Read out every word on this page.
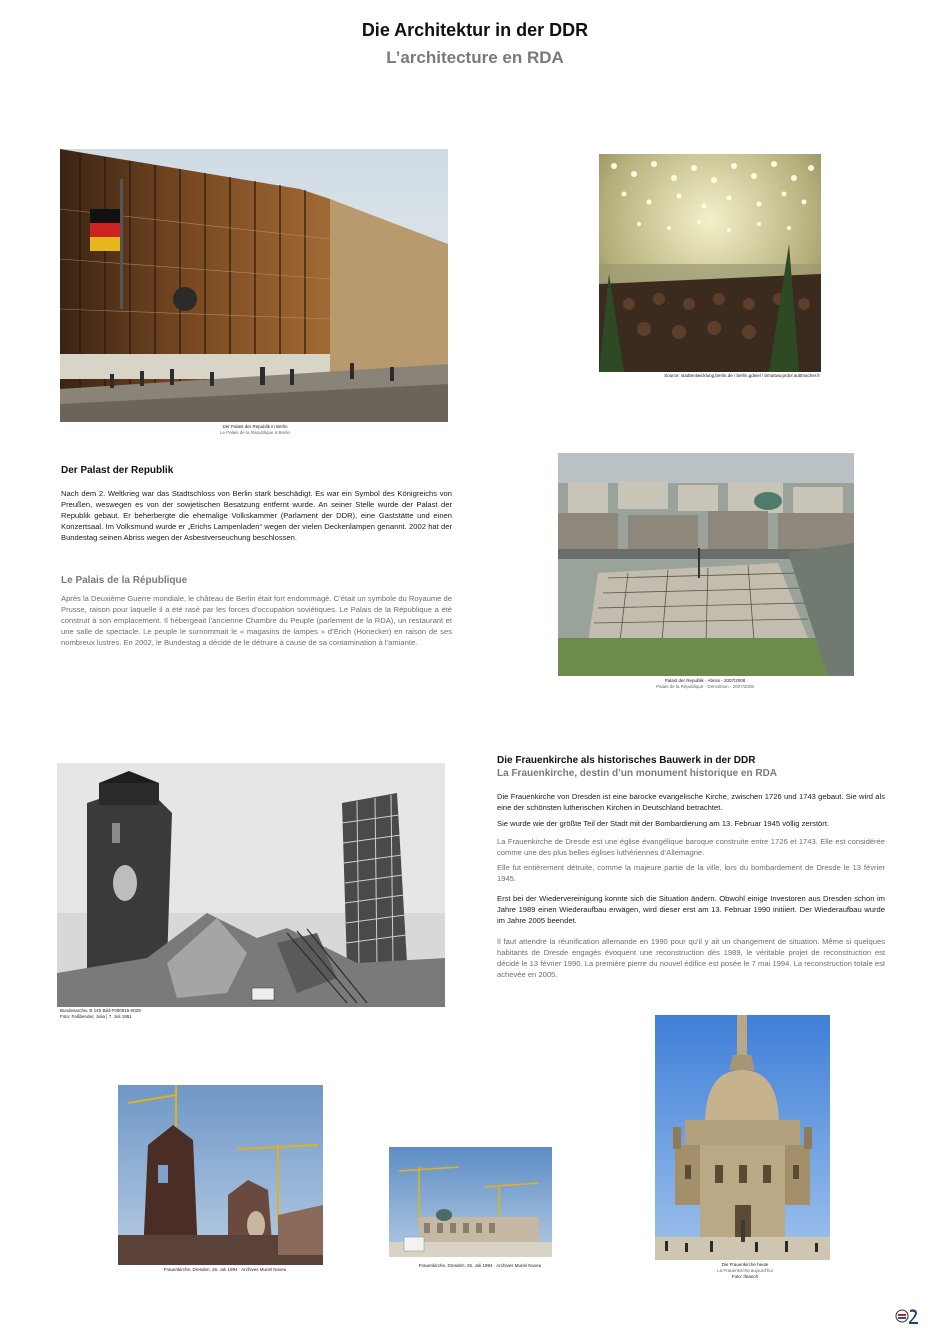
Die Architektur in der DDR
L’architecture en RDA
Der Palast der Republik in Berlin
Le Palais de la République à Berlin
Source: stadtentwicklung.berlin.de / berlin.gdeiel / bmuttow.prdol auttmacher.fr
Der Palast der Republik
Nach dem 2. Weltkrieg war das Stadtschloss von Berlin stark beschädigt. Es war ein Symbol des Königreichs von Preußen, weswegen es von der sowjetischen Besatzung entfernt wurde. An seiner Stelle wurde der Palast der Republik gebaut. Er beherbergte die ehemalige Volkskammer (Parlament der DDR), eine Gaststätte und einen Konzertsaal. Im Volksmund wurde er „Erichs Lampenladen“ wegen der vielen Deckenlampen genannt. 2002 hat der Bundestag seinen Abriss wegen der Asbestverseuchung beschlossen.
Le Palais de la République
Après la Deuxième Guerre mondiale, le château de Berlin était fort endommagé. C’était un symbole du Royaume de Prusse, raison pour laquelle il a été rasé par les forces d’occupation soviétiques. Le Palais de la République a été construit à son emplacement. Il hébergeait l’ancienne Chambre du Peuple (parlement de la RDA), un restaurant et une salle de spectacle. Le peuple le surnommait le « magasins de lampes » d’Erich (Honecker) en raison de ses nombreux lustres. En 2002, le Bundestag a décidé de le détruire à cause de sa contamination à l’amiante.
Palast der Republik - Abriss - 2007/2008
Palais de la République - Démolition - 2007/2008
Bundesarchiv, B 145 Bild-F000815-0029
Foto: Faßbender, Julia | 7. Juli 1951
Die Frauenkirche als historisches Bauwerk in der DDR
La Frauenkirche, destin d’un monument historique en RDA
Die Frauenkirche von Dresden ist eine barocke evangelische Kirche, zwischen 1726 und 1743 gebaut. Sie wird als eine der schönsten lutherischen Kirchen in Deutschland betrachtet.
Sie wurde wie der größte Teil der Stadt mit der Bombardierung am 13. Februar 1945 völlig zerstört.
La Frauenkirche de Dresde est une église évangélique baroque construite entre 1726 et 1743. Elle est considérée comme une des plus belles églises luthériennes d’Allemagne.
Elle fut entièrement détruite, comme la majeure partie de la ville, lors du bombardement de Dresde le 13 février 1945.
Erst bei der Wiedervereinigung konnte sich die Situation ändern. Obwohl einige Investoren aus Dresden schon im Jahre 1989 einen Wiederaufbau erwägen, wird dieser erst am 13. Februar 1990 initiiert. Der Wiederaufbau wurde im Jahre 2005 beendet.
Il faut attendre la réunification allemande en 1990 pour qu’il y ait un changement de situation. Même si quelques habitants de Dresde engagés évoquent une reconstruction dès 1989, le véritable projet de reconstruction est décidé le 13 février 1990. La première pierre du nouvel édifice est posée le 7 mai 1994. La reconstruction totale est achevée en 2005.
Frauenkirche, Dresden, 26. Juli 1994 · Archives Muriel Noveu
Frauenkirche, Dresden, 26. Juli 1994 · Archives Muriel Noveu	Die Frauenkirche heute
La Frauenkirche aujourd’hui
Foto: Ifeanch
